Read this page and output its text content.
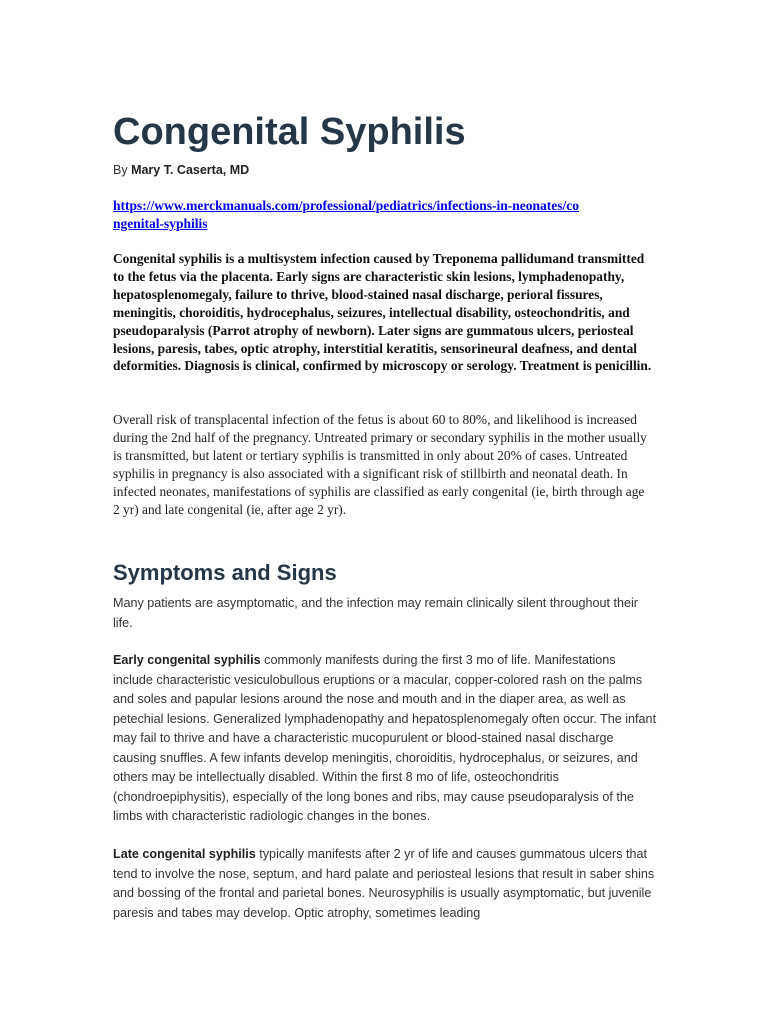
Congenital Syphilis
By Mary T. Caserta, MD
https://www.merckmanuals.com/professional/pediatrics/infections-in-neonates/congenital-syphilis

Congenital syphilis is a multisystem infection caused by Treponema pallidumand transmitted to the fetus via the placenta. Early signs are characteristic skin lesions, lymphadenopathy, hepatosplenomegaly, failure to thrive, blood-stained nasal discharge, perioral fissures, meningitis, choroiditis, hydrocephalus, seizures, intellectual disability, osteochondritis, and pseudoparalysis (Parrot atrophy of newborn). Later signs are gummatous ulcers, periosteal lesions, paresis, tabes, optic atrophy, interstitial keratitis, sensorineural deafness, and dental deformities. Diagnosis is clinical, confirmed by microscopy or serology. Treatment is penicillin.

Overall risk of transplacental infection of the fetus is about 60 to 80%, and likelihood is increased during the 2nd half of the pregnancy. Untreated primary or secondary syphilis in the mother usually is transmitted, but latent or tertiary syphilis is transmitted in only about 20% of cases. Untreated syphilis in pregnancy is also associated with a significant risk of stillbirth and neonatal death. In infected neonates, manifestations of syphilis are classified as early congenital (ie, birth through age 2 yr) and late congenital (ie, after age 2 yr).

Symptoms and Signs

Many patients are asymptomatic, and the infection may remain clinically silent throughout their life.

Early congenital syphilis commonly manifests during the first 3 mo of life. Manifestations include characteristic vesiculobullous eruptions or a macular, copper-colored rash on the palms and soles and papular lesions around the nose and mouth and in the diaper area, as well as petechial lesions. Generalized lymphadenopathy and hepatosplenomegaly often occur. The infant may fail to thrive and have a characteristic mucopurulent or blood-stained nasal discharge causing snuffles. A few infants develop meningitis, choroiditis, hydrocephalus, or seizures, and others may be intellectually disabled. Within the first 8 mo of life, osteochondritis (chondroepiphysitis), especially of the long bones and ribs, may cause pseudoparalysis of the limbs with characteristic radiologic changes in the bones.

Late congenital syphilis typically manifests after 2 yr of life and causes gummatous ulcers that tend to involve the nose, septum, and hard palate and periosteal lesions that result in saber shins and bossing of the frontal and parietal bones. Neurosyphilis is usually asymptomatic, but juvenile paresis and tabes may develop. Optic atrophy, sometimes leading
